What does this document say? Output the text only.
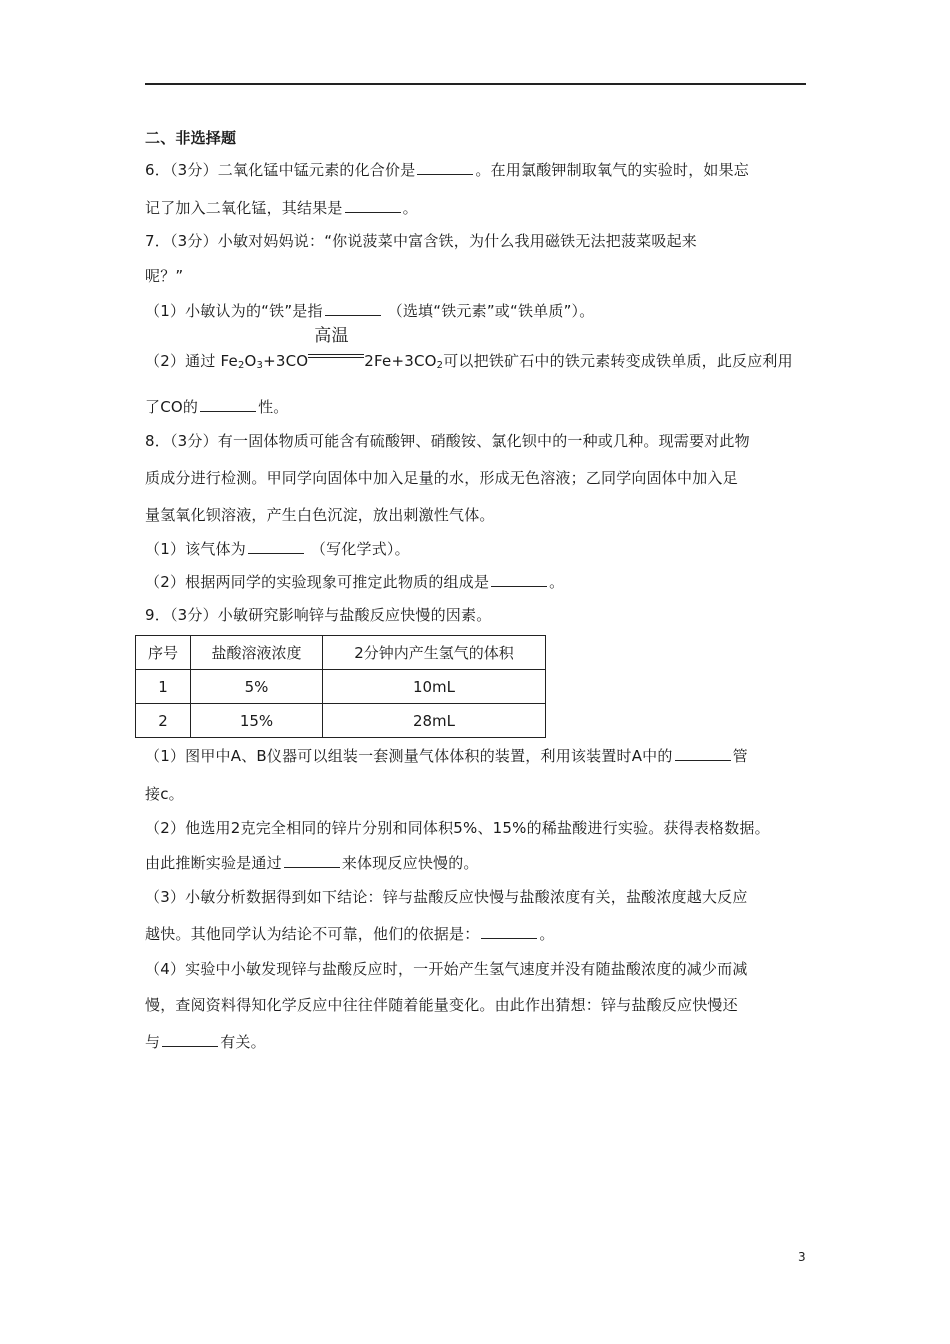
二、非选择题
6．（3分）二氧化锰中锰元素的化合价是	。在用氯酸钾制取氧气的实验时，如果忘
记了加入二氧化锰，其结果是	。
7．（3分）小敏对妈妈说：“你说菠菜中富含铁，为什么我用磁铁无法把菠菜吸起来
呢？”
（1）小敏认为的“铁”是指	（选填“铁元素”或“铁单质”）。
（2）通过 $Fe_2O_3+3CO$
高温
$2Fe+3CO_2$可以把铁矿石中的铁元素转变成铁单质，此反应利用
了CO的	性。
8．（3分）有一固体物质可能含有硫酸钾、硝酸铵、氯化钡中的一种或几种。现需要对此物
质成分进行检测。甲同学向固体中加入足量的水，形成无色溶液；乙同学向固体中加入足
量氢氧化钡溶液，产生白色沉淀，放出刺激性气体。
（1）该气体为	（写化学式）。
（2）根据两同学的实验现象可推定此物质的组成是	。
9．（3分）小敏研究影响锌与盐酸反应快慢的因素。
序号	盐酸溶液浓度	2分钟内产生氢气的体积
1	5%	10mL
2	15%	28mL
（1）图甲中A、B仪器可以组装一套测量气体体积的装置，利用该装置时A中的	管
接c。
（2）他选用2克完全相同的锌片分别和同体积5%、15%的稀盐酸进行实验。获得表格数据。
由此推断实验是通过	来体现反应快慢的。
（3）小敏分析数据得到如下结论：锌与盐酸反应快慢与盐酸浓度有关，盐酸浓度越大反应
越快。其他同学认为结论不可靠，他们的依据是：	。
（4）实验中小敏发现锌与盐酸反应时，一开始产生氢气速度并没有随盐酸浓度的减少而减
慢，查阅资料得知化学反应中往往伴随着能量变化。由此作出猜想：锌与盐酸反应快慢还
与	有关。
3
